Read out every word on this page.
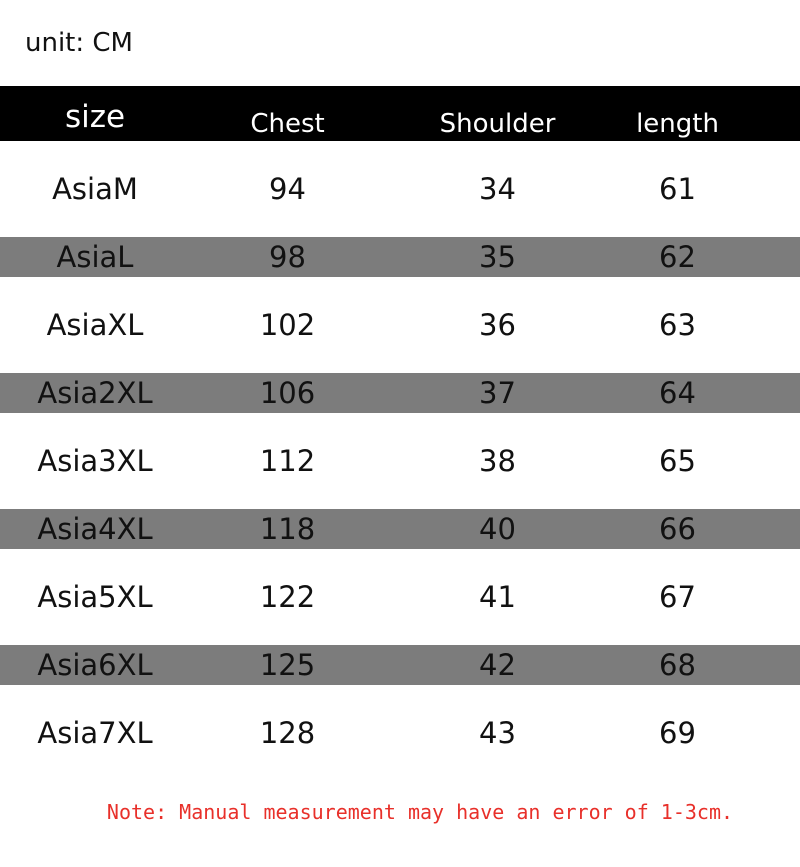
unit: CM
size	Chest	Shoulder	length
AsiaM	94	34	61
AsiaL	98	35	62
AsiaXL	102	36	63
Asia2XL	106	37	64
Asia3XL	112	38	65
Asia4XL	118	40	66
Asia5XL	122	41	67
Asia6XL	125	42	68
Asia7XL	128	43	69
Note: Manual measurement may have an error of 1-3cm.
